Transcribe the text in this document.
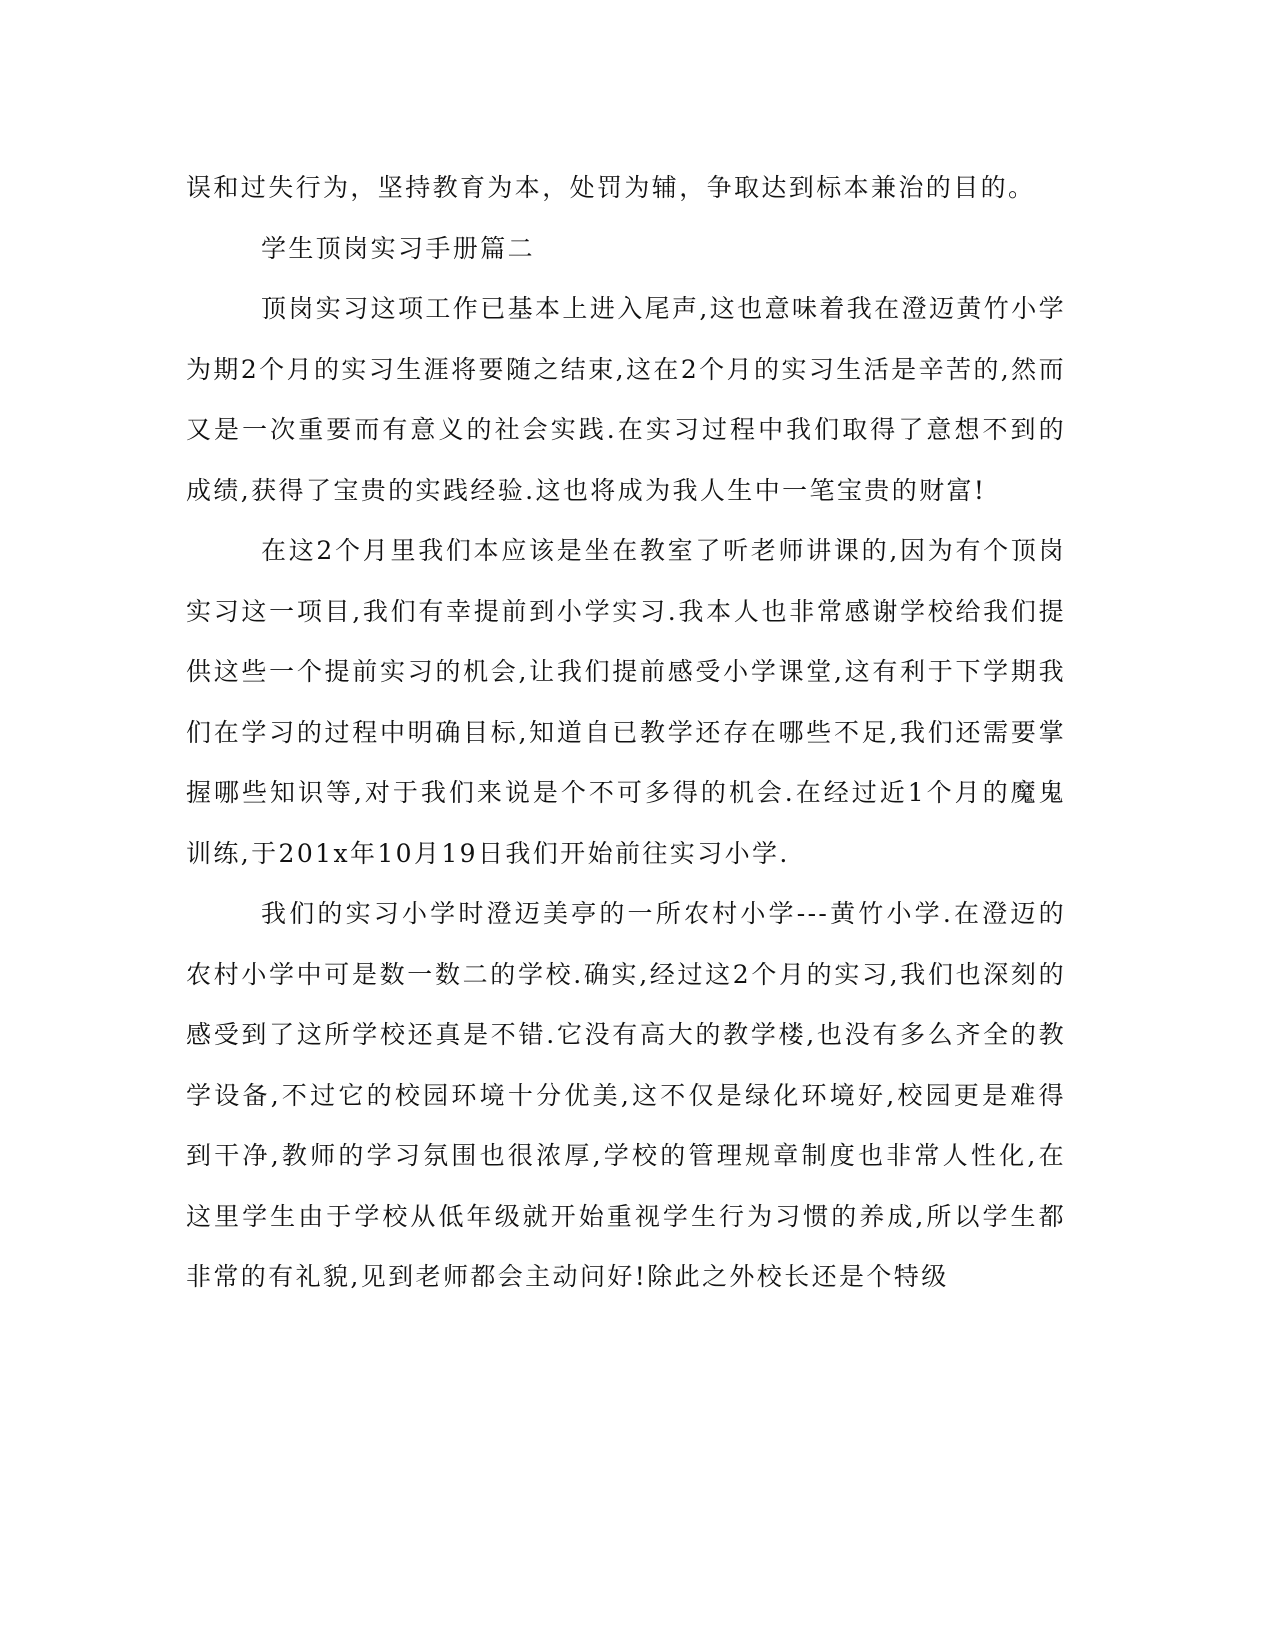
误和过失行为，坚持教育为本，处罚为辅，争取达到标本兼治的目的。

学生顶岗实习手册篇二

顶岗实习这项工作已基本上进入尾声,这也意味着我在澄迈黄竹小学为期2个月的实习生涯将要随之结束,这在2个月的实习生活是辛苦的,然而又是一次重要而有意义的社会实践.在实习过程中我们取得了意想不到的成绩,获得了宝贵的实践经验.这也将成为我人生中一笔宝贵的财富!

在这2个月里我们本应该是坐在教室了听老师讲课的,因为有个顶岗实习这一项目,我们有幸提前到小学实习.我本人也非常感谢学校给我们提供这些一个提前实习的机会,让我们提前感受小学课堂,这有利于下学期我们在学习的过程中明确目标,知道自已教学还存在哪些不足,我们还需要掌握哪些知识等,对于我们来说是个不可多得的机会.在经过近1个月的魔鬼训练,于201x年10月19日我们开始前往实习小学.

我们的实习小学时澄迈美亭的一所农村小学---黄竹小学.在澄迈的农村小学中可是数一数二的学校.确实,经过这2个月的实习,我们也深刻的感受到了这所学校还真是不错.它没有高大的教学楼,也没有多么齐全的教学设备,不过它的校园环境十分优美,这不仅是绿化环境好,校园更是难得到干净,教师的学习氛围也很浓厚,学校的管理规章制度也非常人性化,在这里学生由于学校从低年级就开始重视学生行为习惯的养成,所以学生都非常的有礼貌,见到老师都会主动问好!除此之外校长还是个特级
